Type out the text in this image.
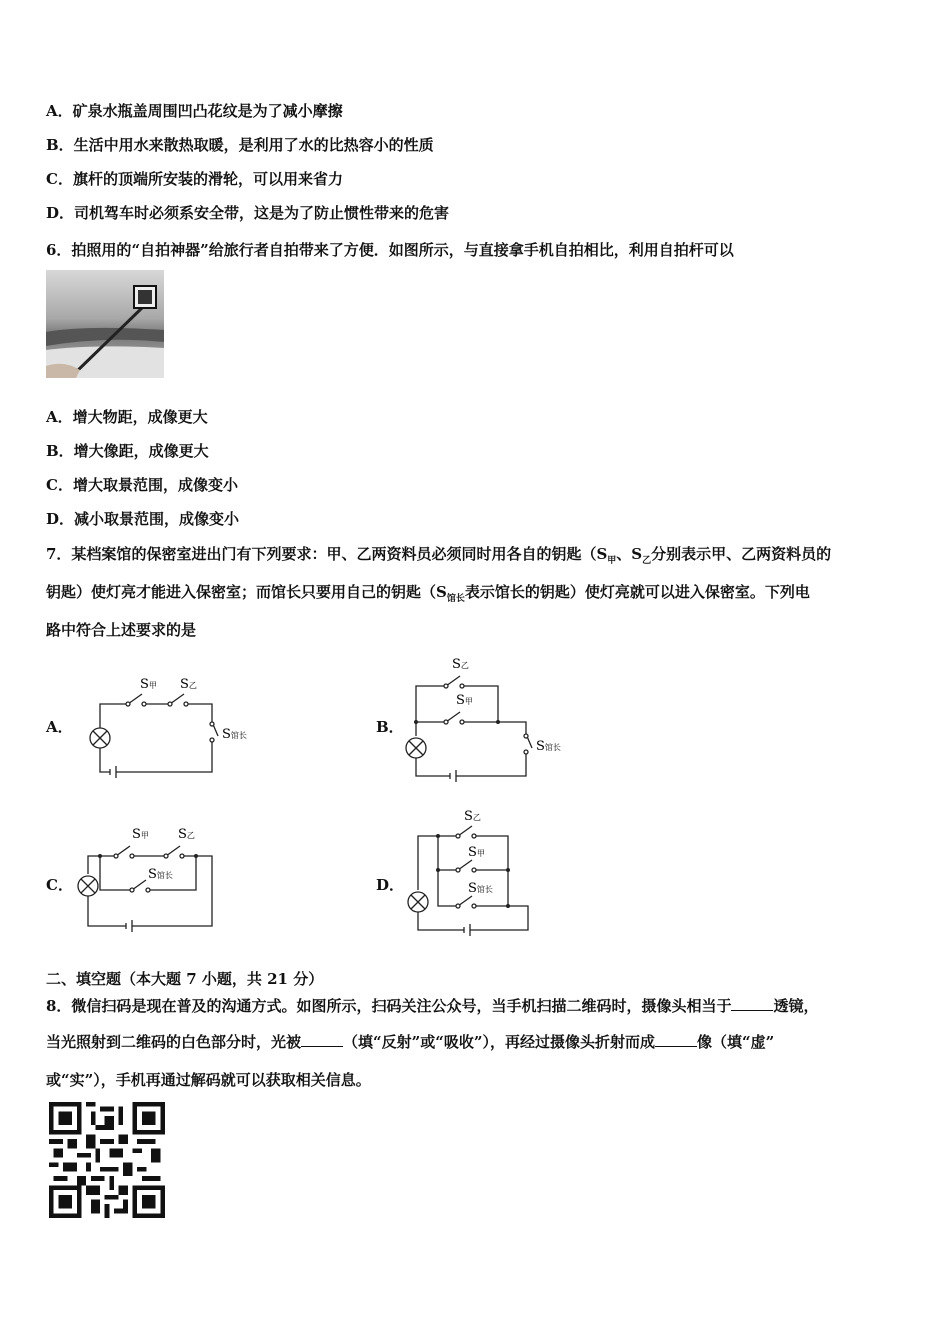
A．矿泉水瓶盖周围凹凸花纹是为了减小摩擦
B．生活中用水来散热取暖，是利用了水的比热容小的性质
C．旗杆的顶端所安装的滑轮，可以用来省力
D．司机驾车时必须系安全带，这是为了防止惯性带来的危害
6．拍照用的“自拍神器”给旅行者自拍带来了方便．如图所示，与直接拿手机自拍相比，利用自拍杆可以
A．增大物距，成像更大
B．增大像距，成像更大
C．增大取景范围，成像变小
D．减小取景范围，成像变小
7．某档案馆的保密室进出门有下列要求：甲、乙两资料员必须同时用各自的钥匙（$S_甲$、$S_乙$分别表示甲、乙两资料员的
钥匙）使灯亮才能进入保密室；而馆长只要用自己的钥匙（$S_{馆长}$表示馆长的钥匙）使灯亮就可以进入保密室。下列电
路中符合上述要求的是
A．	B．
C．	D．
S甲 S乙
S馆长
S乙
S甲
S馆长
S甲 S乙
S馆长
S乙
S甲
S馆长
二、填空题（本大题 7 小题，共 21 分）
8．微信扫码是现在普及的沟通方式。如图所示，扫码关注公众号，当手机扫描二维码时，摄像头相当于	透镜，
当光照射到二维码的白色部分时，光被	（填“反射”或“吸收”），再经过摄像头折射而成	像（填“虚”
或“实”），手机再通过解码就可以获取相关信息。
